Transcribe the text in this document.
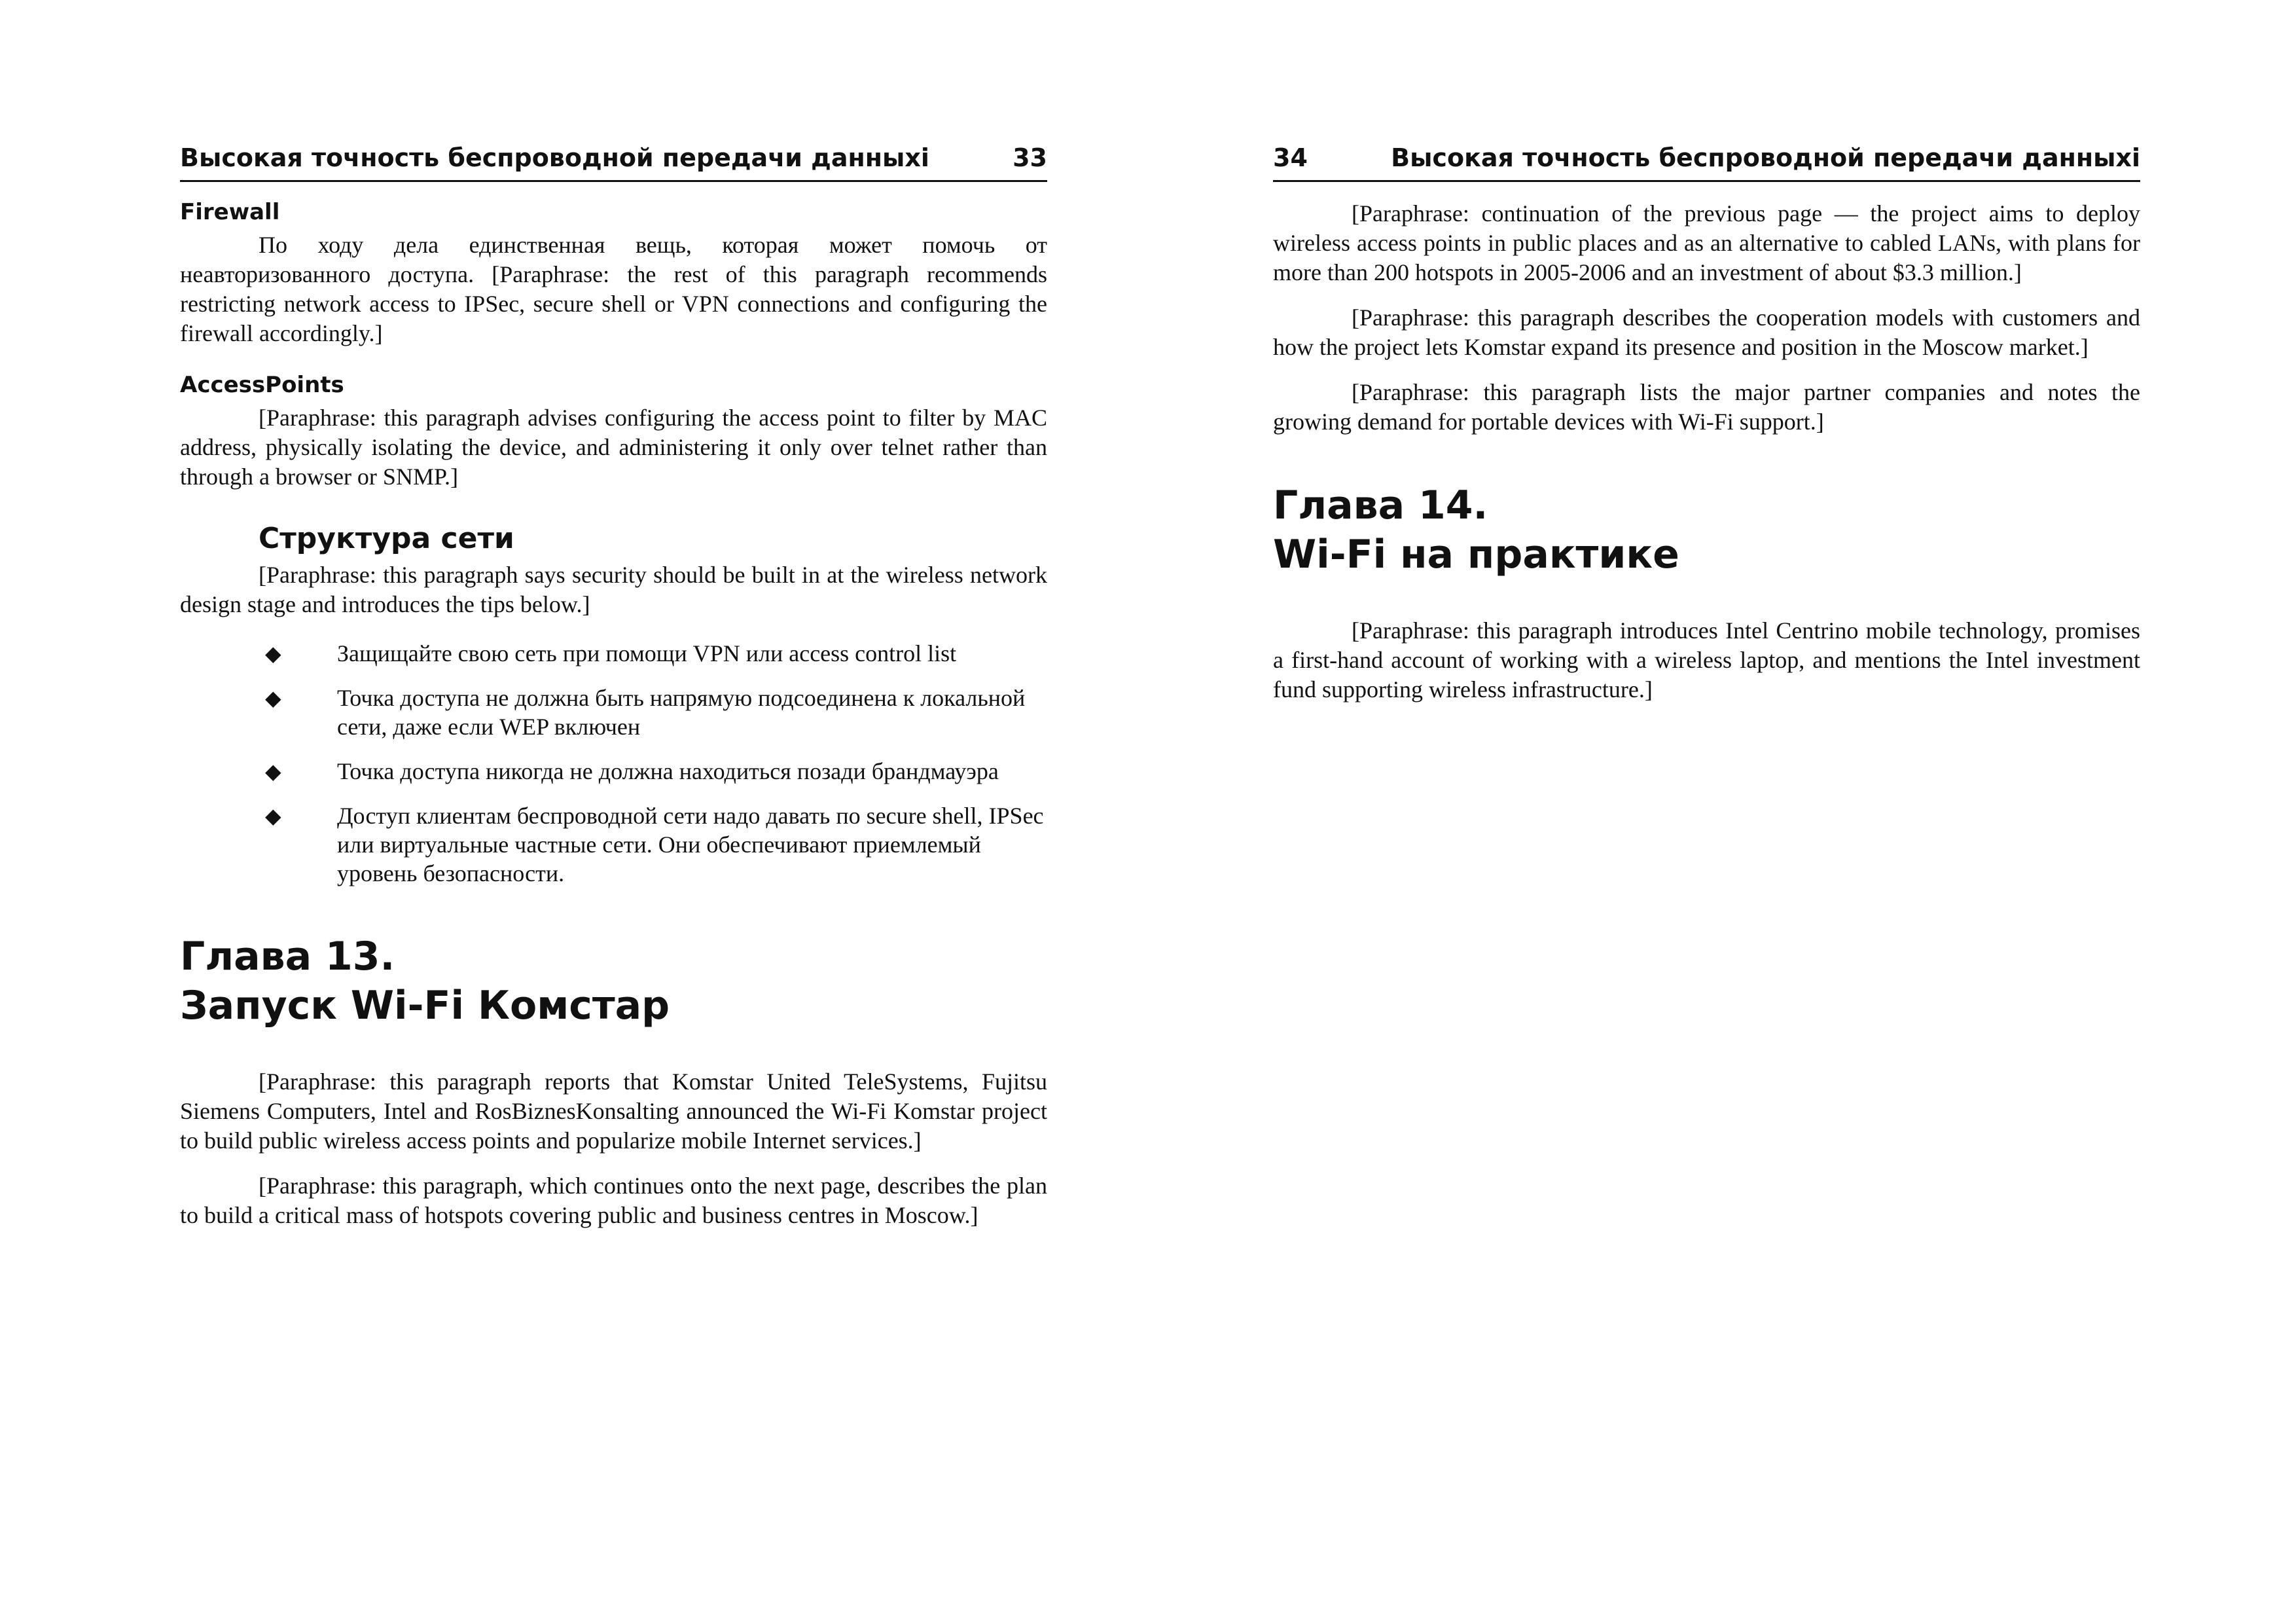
Высокая точность беспроводной передачи данныхi	33
Firewall

По ходу дела единственная вещь, которая может помочь от неавторизованного доступа. [Paraphrase: the rest of this paragraph recommends restricting network access to IPSec, secure shell or VPN connections and configuring the firewall accordingly.]

AccessPoints

[Paraphrase: this paragraph advises configuring the access point to filter by MAC address, physically isolating the device, and administering it only over telnet rather than through a browser or SNMP.]

Структура сети

[Paraphrase: this paragraph says security should be built in at the wireless network design stage and introduces the tips below.]

◆ Защищайте свою сеть при помощи VPN или access control list
◆ Точка доступа не должна быть напрямую подсоединена к локальной сети, даже если WEP включен
◆ Точка доступа никогда не должна находиться позади брандмауэра
◆ Доступ клиентам беспроводной сети надо давать по secure shell, IPSec или виртуальные частные сети. Они обеспечивают приемлемый уровень безопасности.
Глава 13.
Запуск Wi-Fi Комстар

[Paraphrase: this paragraph reports that Komstar United TeleSystems, Fujitsu Siemens Computers, Intel and RosBiznesKonsalting announced the Wi-Fi Komstar project to build public wireless access points and popularize mobile Internet services.]

[Paraphrase: this paragraph, which continues onto the next page, describes the plan to build a critical mass of hotspots covering public and business centres in Moscow.]

34	Высокая точность беспроводной передачи данныхi

[Paraphrase: continuation of the previous page — the project aims to deploy wireless access points in public places and as an alternative to cabled LANs, with plans for more than 200 hotspots in 2005-2006 and an investment of about $3.3 million.]

[Paraphrase: this paragraph describes the cooperation models with customers and how the project lets Komstar expand its presence and position in the Moscow market.]

[Paraphrase: this paragraph lists the major partner companies and notes the growing demand for portable devices with Wi-Fi support.]

Глава 14.
Wi-Fi на практике

[Paraphrase: this paragraph introduces Intel Centrino mobile technology, promises a first-hand account of working with a wireless laptop, and mentions the Intel investment fund supporting wireless infrastructure.]
